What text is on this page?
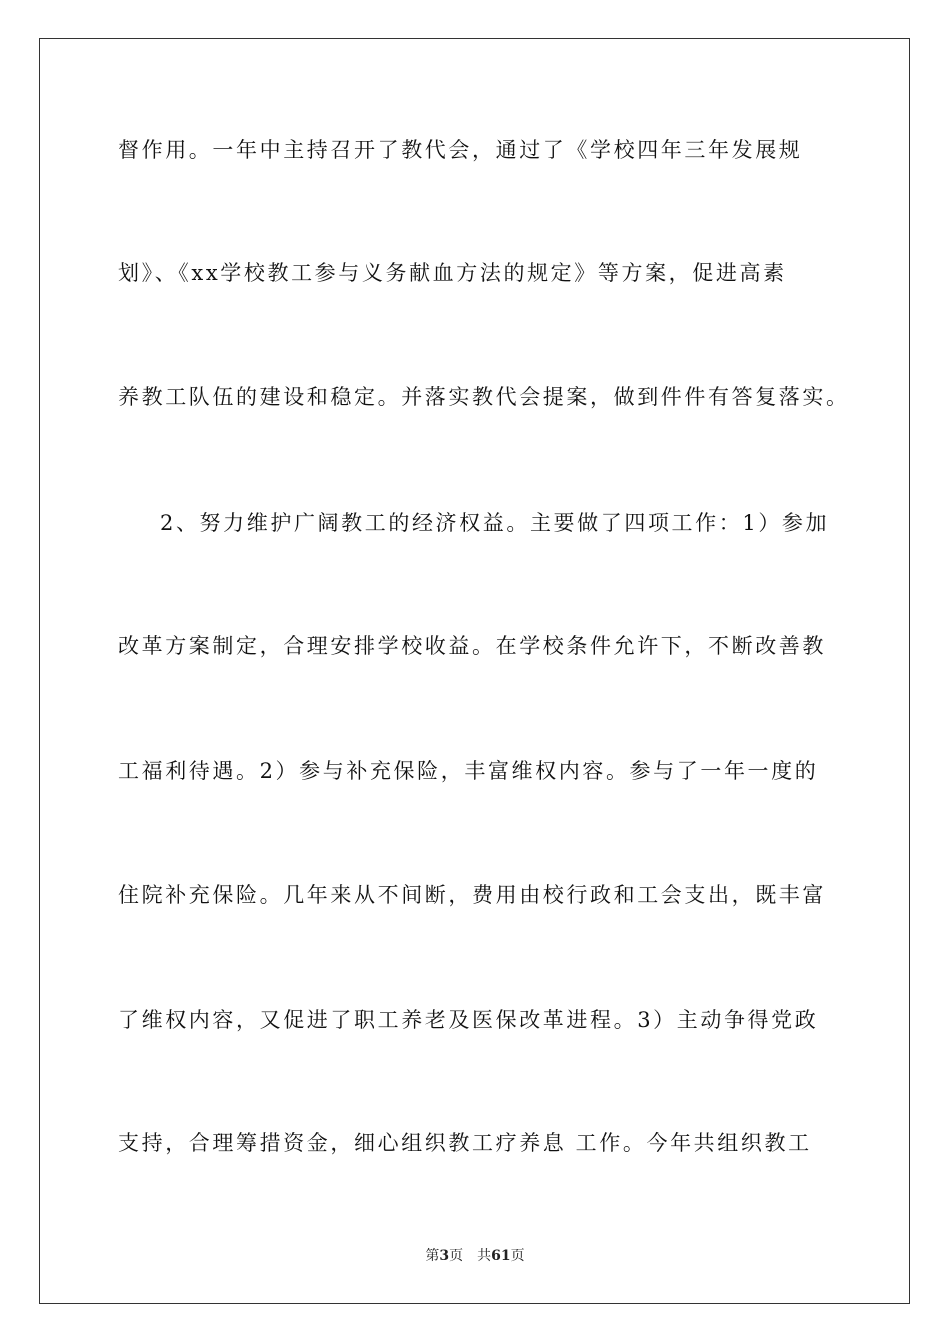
督作用。一年中主持召开了教代会，通过了《学校四年三年发展规
划》、《xx学校教工参与义务献血方法的规定》等方案，促进高素
养教工队伍的建设和稳定。并落实教代会提案，做到件件有答复落实。
2、努力维护广阔教工的经济权益。主要做了四项工作：1）参加
改革方案制定，合理安排学校收益。在学校条件允许下，不断改善教
工福利待遇。2）参与补充保险，丰富维权内容。参与了一年一度的
住院补充保险。几年来从不间断，费用由校行政和工会支出，既丰富
了维权内容，又促进了职工养老及医保改革进程。3）主动争得党政
支持，合理筹措资金，细心组织教工疗养息 工作。今年共组织教工
第3页 共61页
